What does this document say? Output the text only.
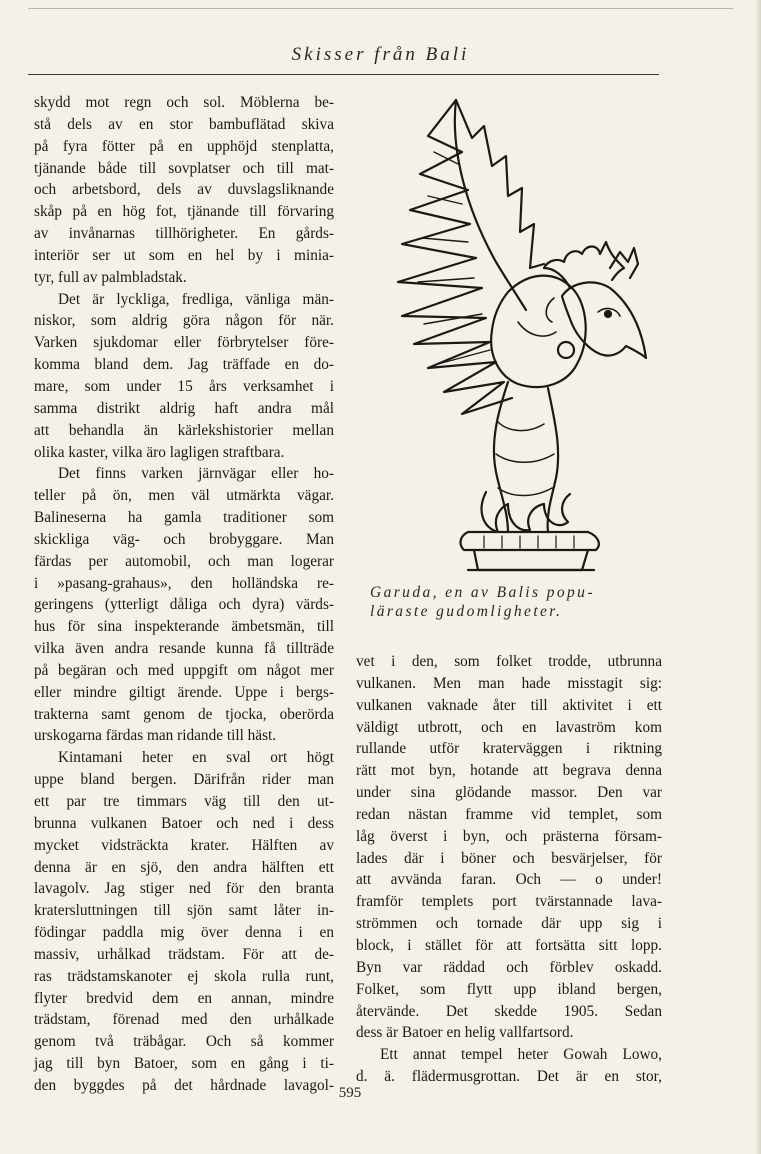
Skisser från Bali

skydd mot regn och sol. Möblerna be-

stå dels av en stor bambuflätad skiva

på fyra fötter på en upphöjd stenplatta,

tjänande både till sovplatser och till mat-

och arbetsbord, dels av duvslagsliknande

skåp på en hög fot, tjänande till förvaring

av invånarnas tillhörigheter. En gårds-

interiör ser ut som en hel by i minia-

tyr, full av palmbladstak.

Det är lyckliga, fredliga, vänliga män-

niskor, som aldrig göra någon för när.

Varken sjukdomar eller förbrytelser före-

komma bland dem. Jag träffade en do-

mare, som under 15 års verksamhet i

samma distrikt aldrig haft andra mål

att behandla än kärlekshistorier mellan

olika kaster, vilka äro lagligen straftbara.

Det finns varken järnvägar eller ho-

teller på ön, men väl utmärkta vägar.

Balineserna ha gamla traditioner som

skickliga väg- och brobyggare. Man

färdas per automobil, och man logerar

i »pasang-grahaus», den holländska re-

geringens (ytterligt dåliga och dyra) värds-

hus för sina inspekterande ämbetsmän, till

vilka även andra resande kunna få tillträde

på begäran och med uppgift om något mer

eller mindre giltigt ärende. Uppe i bergs-

trakterna samt genom de tjocka, oberörda

urskogarna färdas man ridande till häst.

Kintamani heter en sval ort högt

uppe bland bergen. Därifrån rider man

ett par tre timmars väg till den ut-

brunna vulkanen Batoer och ned i dess

mycket vidsträckta krater. Hälften av

denna är en sjö, den andra hälften ett

lavagolv. Jag stiger ned för den branta

kratersluttningen till sjön samt låter in-

födingar paddla mig över denna i en

massiv, urhålkad trädstam. För att de-

ras trädstamskanoter ej skola rulla runt,

flyter bredvid dem en annan, mindre

trädstam, förenad med den urhålkade

genom två träbågar. Och så kommer

jag till byn Batoer, som en gång i ti-

den byggdes på det hårdnade lavagol-

Garuda, en av Balis popu-
läraste gudomligheter.

vet i den, som folket trodde, utbrunna

vulkanen. Men man hade misstagit sig:

vulkanen vaknade åter till aktivitet i ett

väldigt utbrott, och en lavaström kom

rullande utför kraterväggen i riktning

rätt mot byn, hotande att begrava denna

under sina glödande massor. Den var

redan nästan framme vid templet, som

låg överst i byn, och prästerna försam-

lades där i böner och besvärjelser, för

att avvända faran. Och — o under!

framför templets port tvärstannade lava-

strömmen och tornade där upp sig i

block, i stället för att fortsätta sitt lopp.

Byn var räddad och förblev oskadd.

Folket, som flytt upp ibland bergen,

återvände. Det skedde 1905. Sedan

dess är Batoer en helig vallfartsord.

Ett annat tempel heter Gowah Lowo,

d. ä. flädermusgrottan. Det är en stor,

595
